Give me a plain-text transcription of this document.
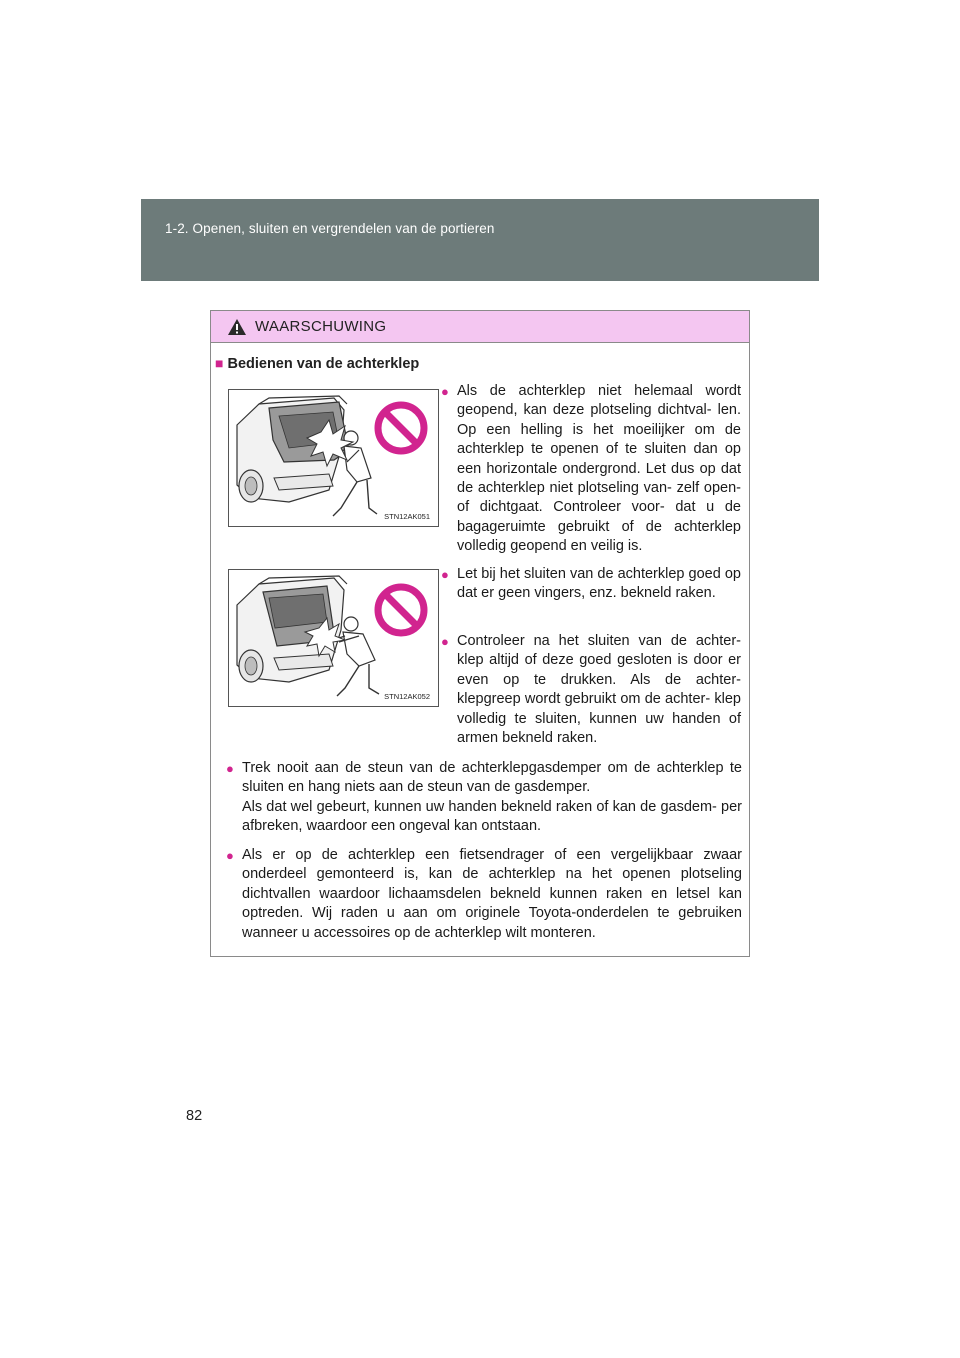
1-2. Openen, sluiten en vergrendelen van de portieren
WAARSCHUWING
■ Bedienen van de achterklep
STN12AK051
STN12AK052
● Als de achterklep niet helemaal wordt geopend, kan deze plotseling dichtval- len. Op een helling is het moeilijker om de achterklep te openen of te sluiten dan op een horizontale ondergrond. Let dus op dat de achterklep niet plotseling van- zelf open- of dichtgaat. Controleer voor- dat u de bagageruimte gebruikt of de achterklep volledig geopend en veilig is.

● Let bij het sluiten van de achterklep goed op dat er geen vingers, enz. bekneld raken.

● Controleer na het sluiten van de achter- klep altijd of deze goed gesloten is door er even op te drukken. Als de achter- klepgreep wordt gebruikt om de achter- klep volledig te sluiten, kunnen uw handen of armen bekneld raken.

● Trek nooit aan de steun van de achterklepgasdemper om de achterklep te sluiten en hang niets aan de steun van de gasdemper.

Als dat wel gebeurt, kunnen uw handen bekneld raken of kan de gasdem- per afbreken, waardoor een ongeval kan ontstaan.

● Als er op de achterklep een fietsendrager of een vergelijkbaar zwaar onderdeel gemonteerd is, kan de achterklep na het openen plotseling dichtvallen waardoor lichaamsdelen bekneld kunnen raken en letsel kan optreden. Wij raden u aan om originele Toyota-onderdelen te gebruiken wanneer u accessoires op de achterklep wilt monteren.

82
